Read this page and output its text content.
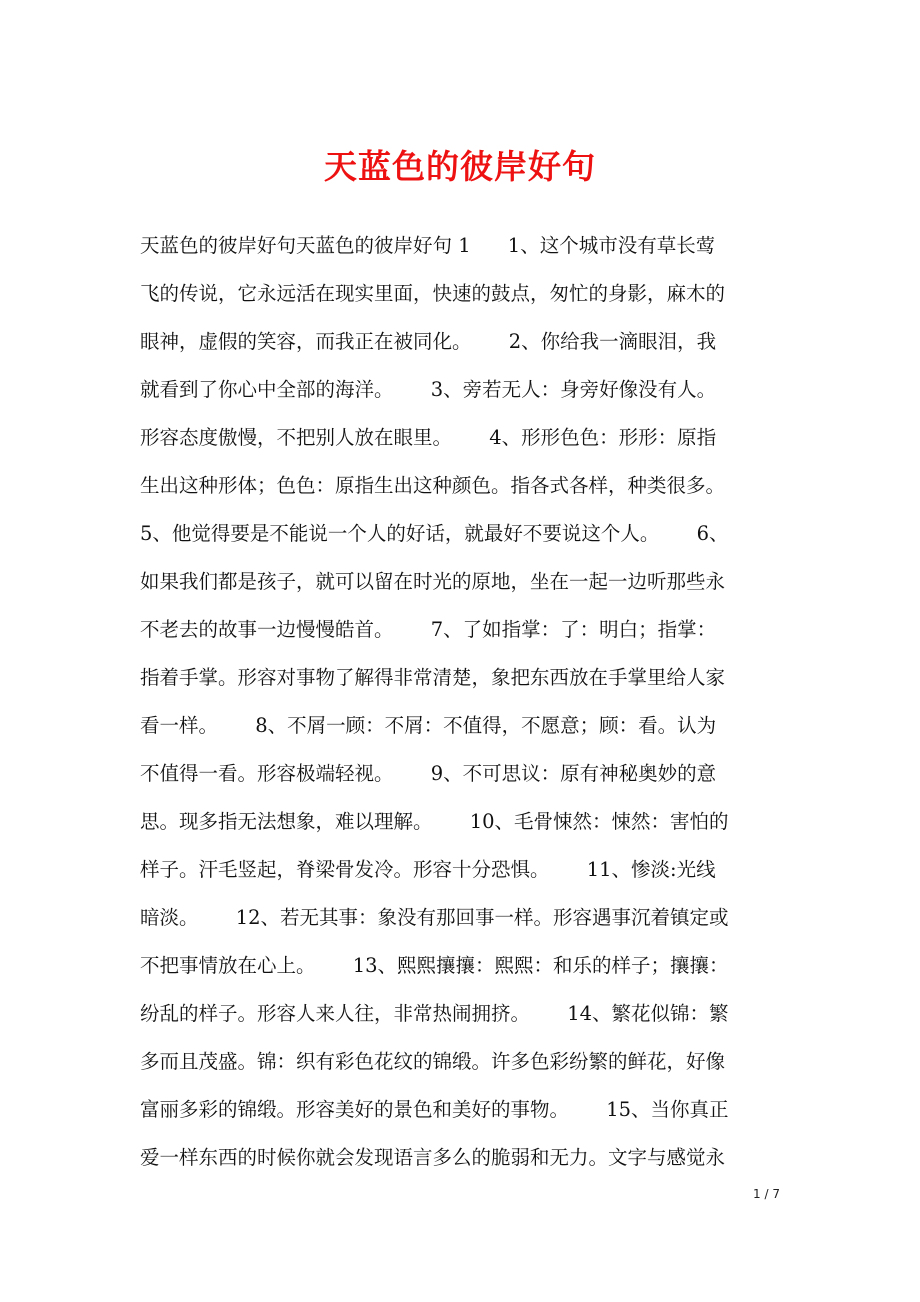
天蓝色的彼岸好句
天蓝色的彼岸好句天蓝色的彼岸好句 1      1、这个城市没有草长莺
飞的传说，它永远活在现实里面，快速的鼓点，匆忙的身影，麻木的
眼神，虚假的笑容，而我正在被同化。      2、你给我一滴眼泪，我
就看到了你心中全部的海洋。      3、旁若无人：身旁好像没有人。
形容态度傲慢，不把别人放在眼里。      4、形形色色：形形：原指
生出这种形体；色色：原指生出这种颜色。指各式各样，种类很多。
5、他觉得要是不能说一个人的好话，就最好不要说这个人。      6、
如果我们都是孩子，就可以留在时光的原地，坐在一起一边听那些永
不老去的故事一边慢慢皓首。      7、了如指掌：了：明白；指掌：
指着手掌。形容对事物了解得非常清楚，象把东西放在手掌里给人家
看一样。      8、不屑一顾：不屑：不值得，不愿意；顾：看。认为
不值得一看。形容极端轻视。      9、不可思议：原有神秘奥妙的意
思。现多指无法想象，难以理解。      10、毛骨悚然：悚然：害怕的
样子。汗毛竖起，脊梁骨发冷。形容十分恐惧。      11、惨淡:光线
暗淡。      12、若无其事：象没有那回事一样。形容遇事沉着镇定或
不把事情放在心上。      13、熙熙攘攘：熙熙：和乐的样子；攘攘：
纷乱的样子。形容人来人往，非常热闹拥挤。      14、繁花似锦：繁
多而且茂盛。锦：织有彩色花纹的锦缎。许多色彩纷繁的鲜花，好像
富丽多彩的锦缎。形容美好的景色和美好的事物。      15、当你真正
爱一样东西的时候你就会发现语言多么的脆弱和无力。文字与感觉永
1 / 7
